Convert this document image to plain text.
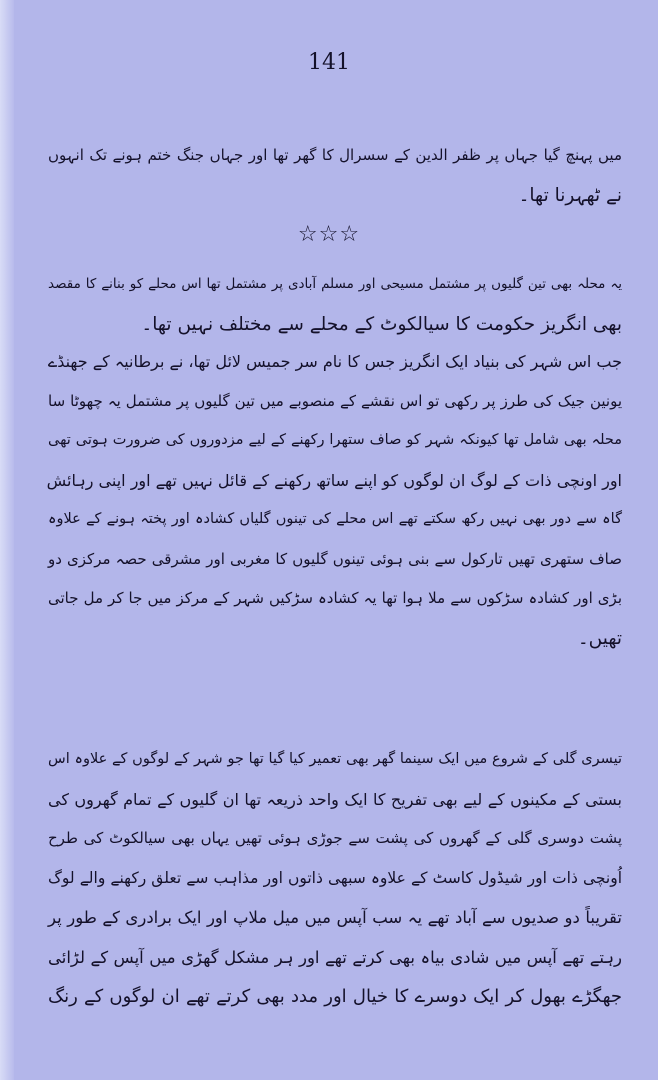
141
میں پہنچ گیا جہاں پر ظفر الدین کے سسرال کا گھر تھا اور جہاں جنگ ختم ہونے تک انہوں
نے ٹھہرنا تھا۔
☆☆☆
یہ محلہ بھی تین گلیوں پر مشتمل مسیحی اور مسلم آبادی پر مشتمل تھا اس محلے کو بنانے کا مقصد
بھی انگریز حکومت کا سیالکوٹ کے محلے سے مختلف نہیں تھا۔
جب اس شہر کی بنیاد ایک انگریز جس کا نام سر جمیس لائل تھا، نے برطانیہ کے جھنڈے
یونین جیک کی طرز پر رکھی تو اس نقشے کے منصوبے میں تین گلیوں پر مشتمل یہ چھوٹا سا
محلہ بھی شامل تھا کیونکہ شہر کو صاف ستھرا رکھنے کے لیے مزدوروں کی ضرورت ہوتی تھی
اور اونچی ذات کے لوگ ان لوگوں کو اپنے ساتھ رکھنے کے قائل نہیں تھے اور اپنی رہائش
گاہ سے دور بھی نہیں رکھ سکتے تھے اس محلے کی تینوں گلیاں کشادہ اور پختہ ہونے کے علاوہ
صاف ستھری تھیں تارکول سے بنی ہوئی تینوں گلیوں کا مغربی اور مشرقی حصہ مرکزی دو
بڑی اور کشادہ سڑکوں سے ملا ہوا تھا یہ کشادہ سڑکیں شہر کے مرکز میں جا کر مل جاتی
تھیں۔
تیسری گلی کے شروع میں ایک سینما گھر بھی تعمیر کیا گیا تھا جو شہر کے لوگوں کے علاوہ اس
بستی کے مکینوں کے لیے بھی تفریح کا ایک واحد ذریعہ تھا ان گلیوں کے تمام گھروں کی
پشت دوسری گلی کے گھروں کی پشت سے جوڑی ہوئی تھیں یہاں بھی سیالکوٹ کی طرح
اُونچی ذات اور شیڈول کاسٹ کے علاوہ سبھی ذاتوں اور مذاہب سے تعلق رکھنے والے لوگ
تقریباً دو صدیوں سے آباد تھے یہ سب آپس میں میل ملاپ اور ایک برادری کے طور پر
رہتے تھے آپس میں شادی بیاہ بھی کرتے تھے اور ہر مشکل گھڑی میں آپس کے لڑائی
جھگڑے بھول کر ایک دوسرے کا خیال اور مدد بھی کرتے تھے ان لوگوں کے رنگ
